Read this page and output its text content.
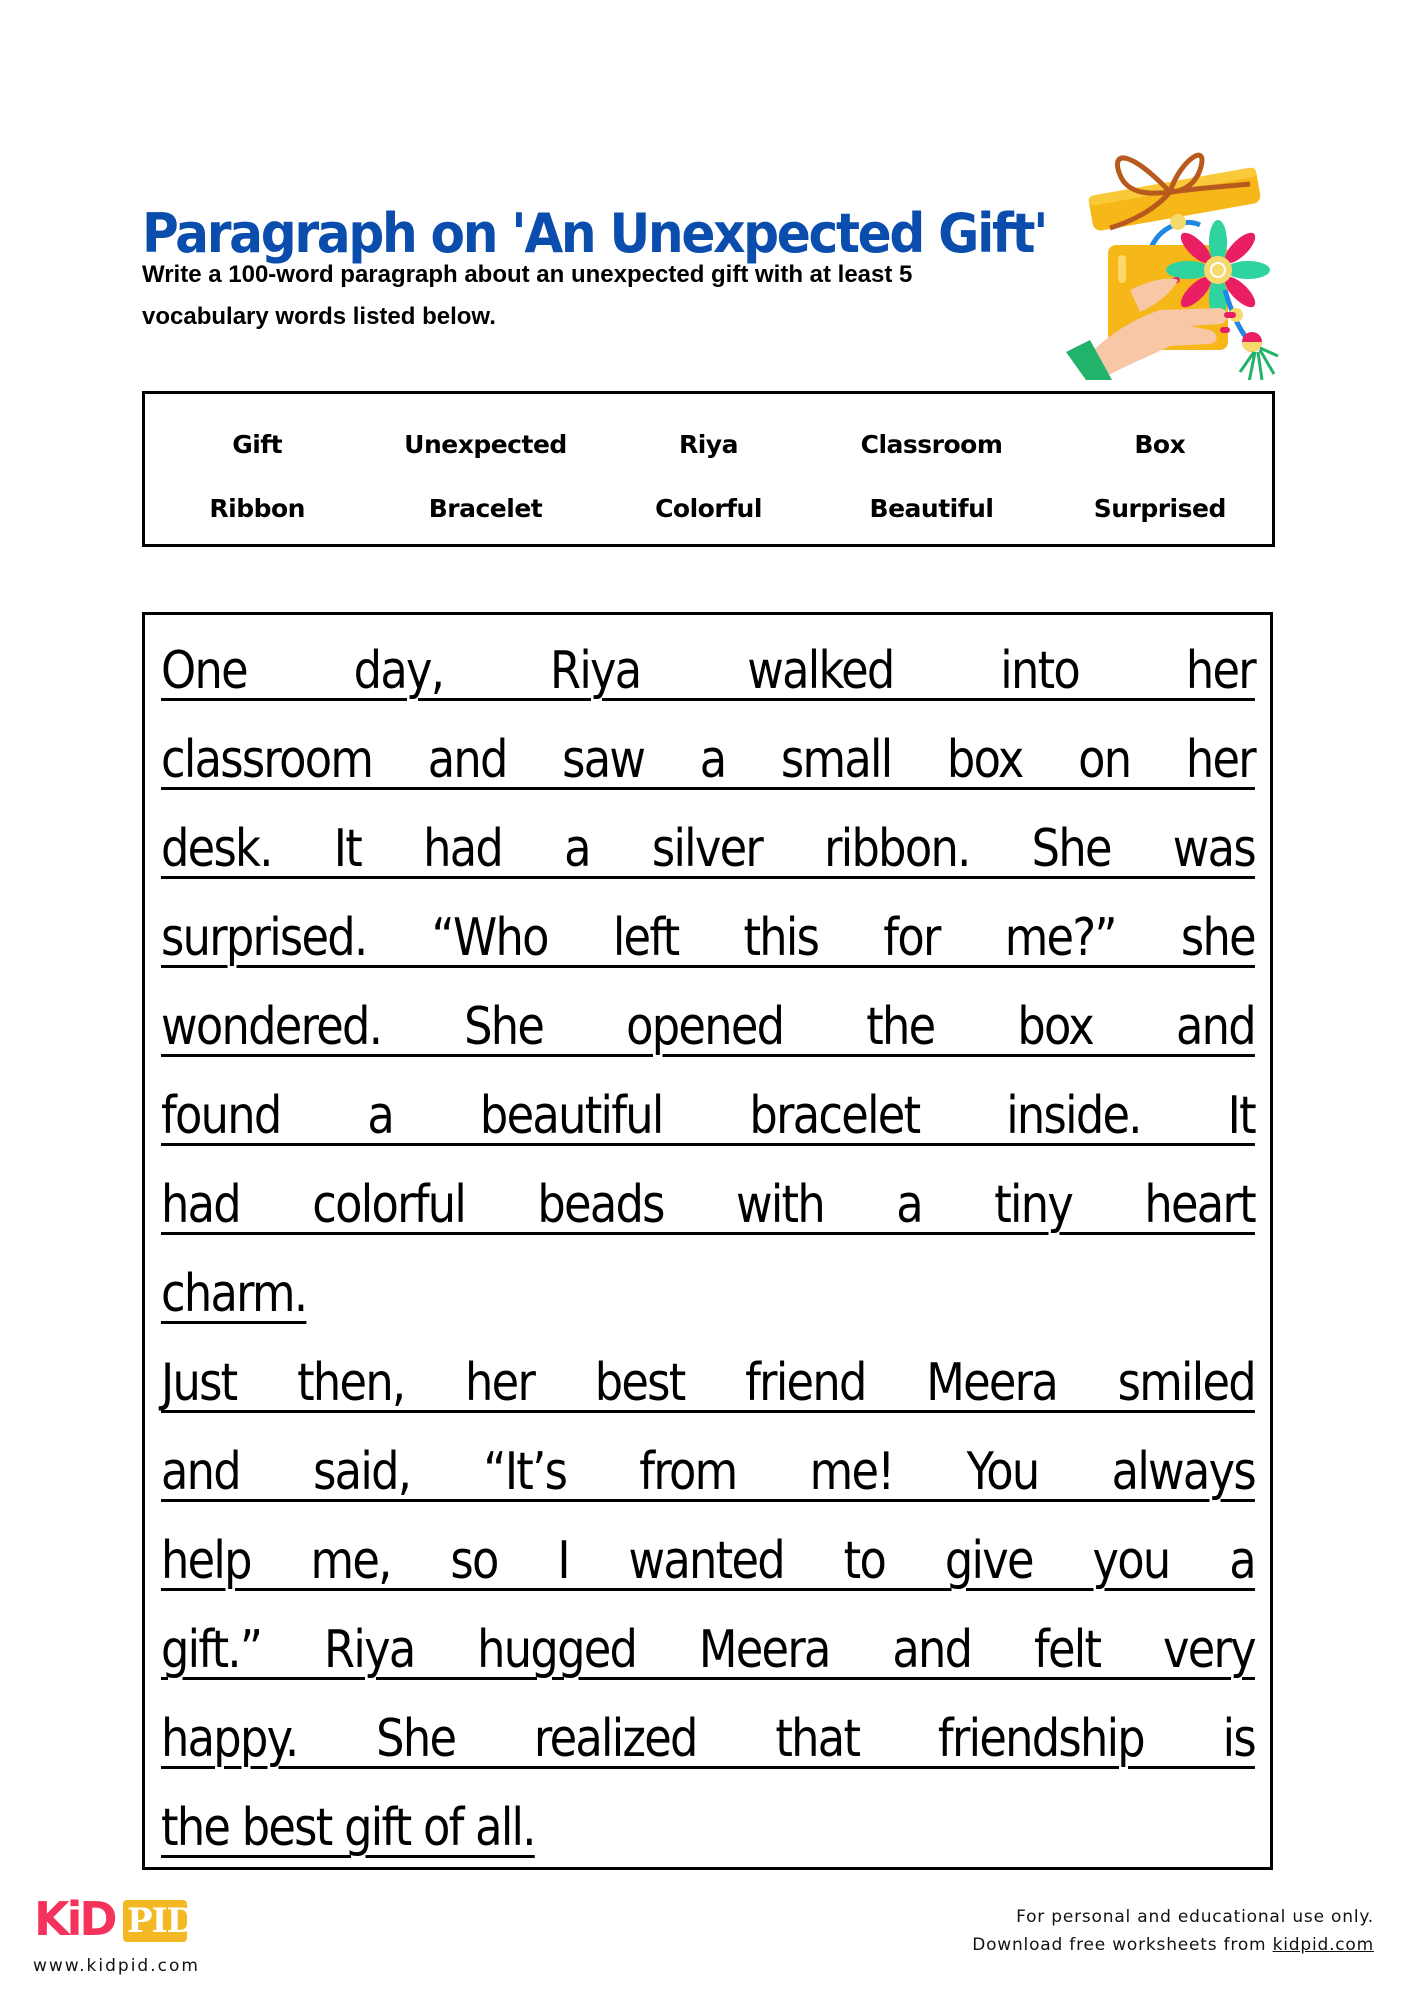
Paragraph on 'An Unexpected Gift'

Write a 100-word paragraph about an unexpected gift with at least 5 vocabulary words listed below.

Gift	Unexpected	Riya	Classroom	Box
Ribbon	Bracelet	Colorful	Beautiful	Surprised
One day, Riya walked into her
classroom and saw a small box on her
desk. It had a silver ribbon. She was
surprised. “Who left this for me?” she
wondered. She opened the box and
found a beautiful bracelet inside. It
had colorful beads with a tiny heart
charm.
Just then, her best friend Meera smiled
and said, “It’s from me! You always
help me, so I wanted to give you a
gift.” Riya hugged Meera and felt very
happy. She realized that friendship is
the best gift of all.
KiD PID
www.kidpid.com
For personal and educational use only.
Download free worksheets from kidpid.com
